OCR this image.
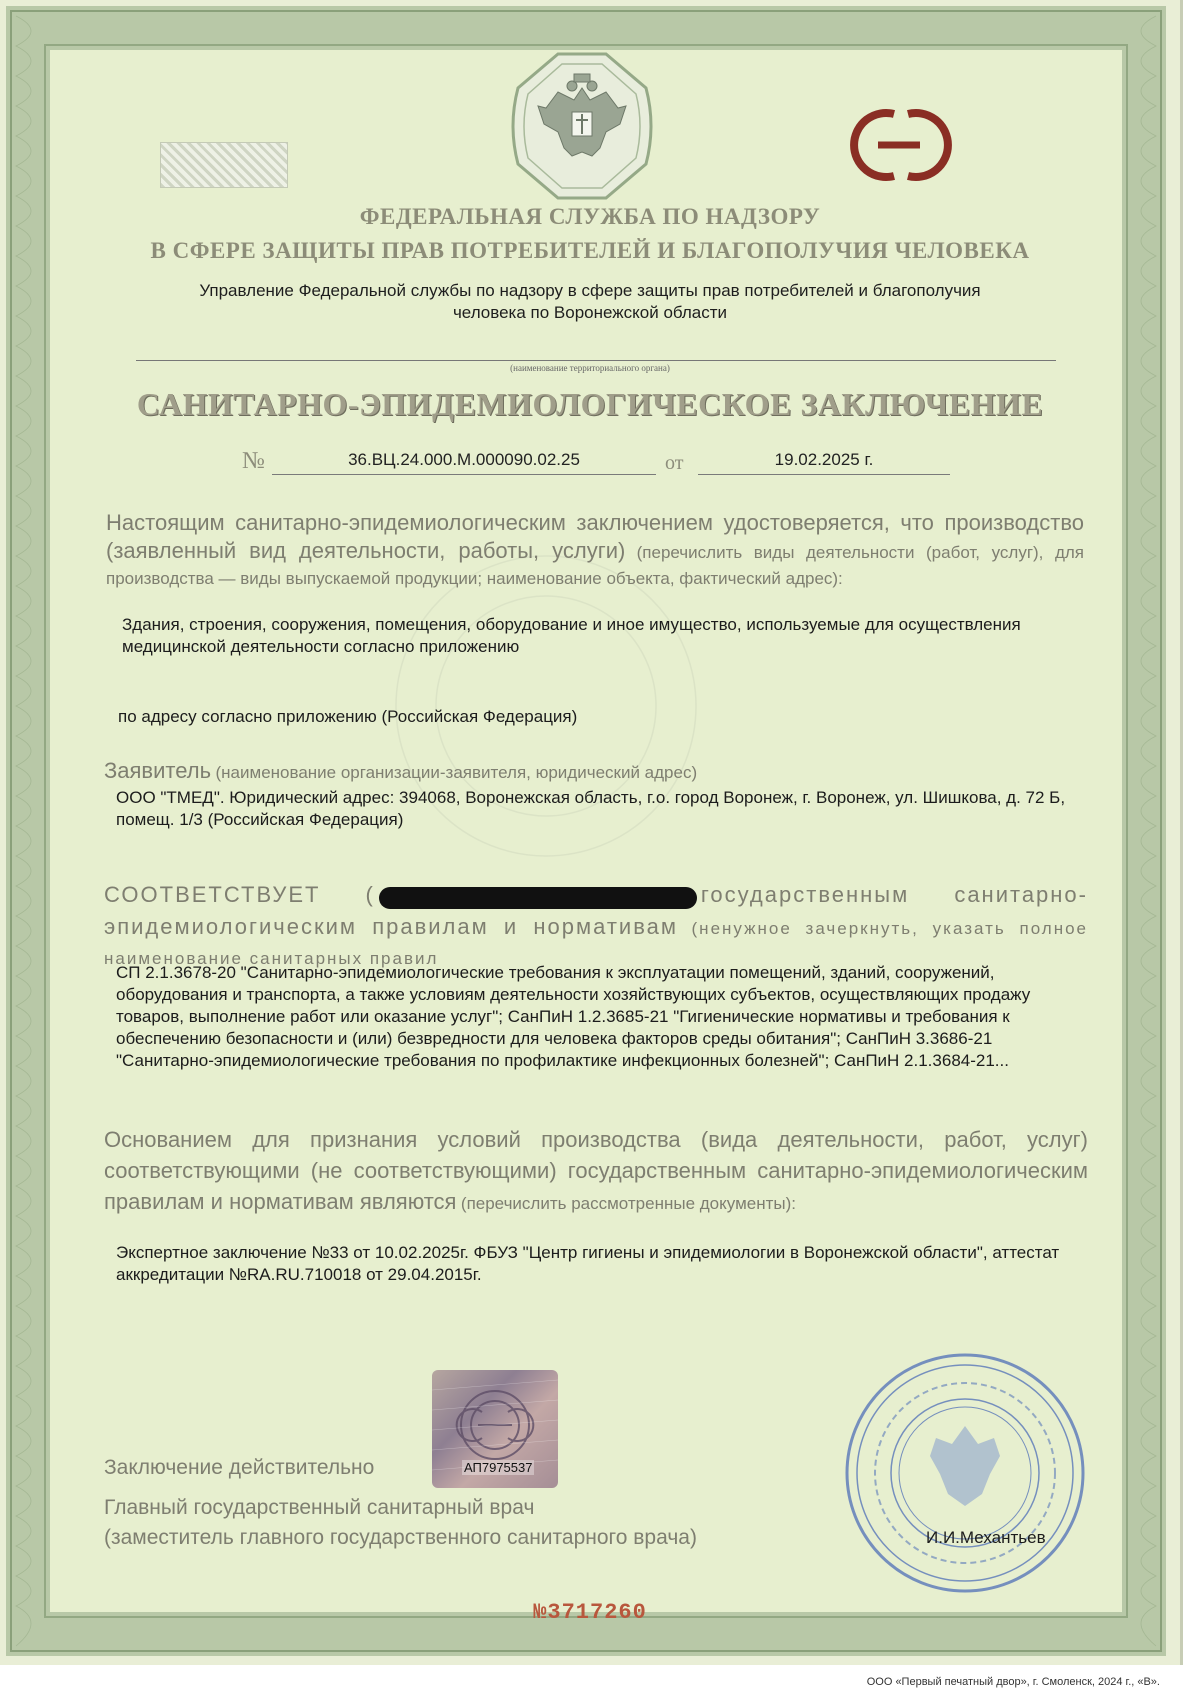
ФЕДЕРАЛЬНАЯ СЛУЖБА ПО НАДЗОРУ
В СФЕРЕ ЗАЩИТЫ ПРАВ ПОТРЕБИТЕЛЕЙ И БЛАГОПОЛУЧИЯ ЧЕЛОВЕКА
Управление Федеральной службы по надзору в сфере защиты прав потребителей и благополучия
человека по Воронежской области
(наименование территориального органа)
САНИТАРНО-ЭПИДЕМИОЛОГИЧЕСКОЕ ЗАКЛЮЧЕНИЕ
№	36.ВЦ.24.000.М.000090.02.25	от	19.02.2025 г.
Настоящим санитарно-эпидемиологическим заключением удостоверяется, что производство (заявленный вид деятельности, работы, услуги) (перечислить виды деятельности (работ, услуг), для производства — виды выпускаемой продукции; наименование объекта, фактический адрес):
Здания, строения, сооружения, помещения, оборудование и иное имущество, используемые для осуществления медицинской деятельности согласно приложению
по адресу согласно приложению (Российская Федерация)
Заявитель (наименование организации-заявителя, юридический адрес)
ООО "ТМЕД". Юридический адрес: 394068, Воронежская область, г.о. город Воронеж, г. Воронеж, ул. Шишкова, д. 72 Б, помещ. 1/3 (Российская Федерация)
СООТВЕТСТВУЕТ (	государственным санитарно-эпидемиологическим правилам и нормативам (ненужное зачеркнуть, указать полное наименование санитарных правил
СП 2.1.3678-20 "Санитарно-эпидемиологические требования к эксплуатации помещений, зданий, сооружений, оборудования и транспорта, а также условиям деятельности хозяйствующих субъектов, осуществляющих продажу товаров, выполнение работ или оказание услуг"; СанПиН 1.2.3685-21 "Гигиенические нормативы и требования к обеспечению безопасности и (или) безвредности для человека факторов среды обитания"; СанПиН 3.3686-21 "Санитарно-эпидемиологические требования по профилактике инфекционных болезней"; СанПиН 2.1.3684-21...
Основанием для признания условий производства (вида деятельности, работ, услуг) соответствующими (не соответствующими) государственным санитарно-эпидемиологическим правилам и нормативам являются (перечислить рассмотренные документы):
Экспертное заключение №33 от 10.02.2025г. ФБУЗ "Центр гигиены и эпидемиологии в Воронежской области", аттестат аккредитации №RA.RU.710018 от 29.04.2015г.
АП7975537
Заключение действительно
Главный государственный санитарный врач
(заместитель главного государственного санитарного врача)	И.И.Механтьев
№3717260
ООО «Первый печатный двор», г. Смоленск, 2024 г., «В».
